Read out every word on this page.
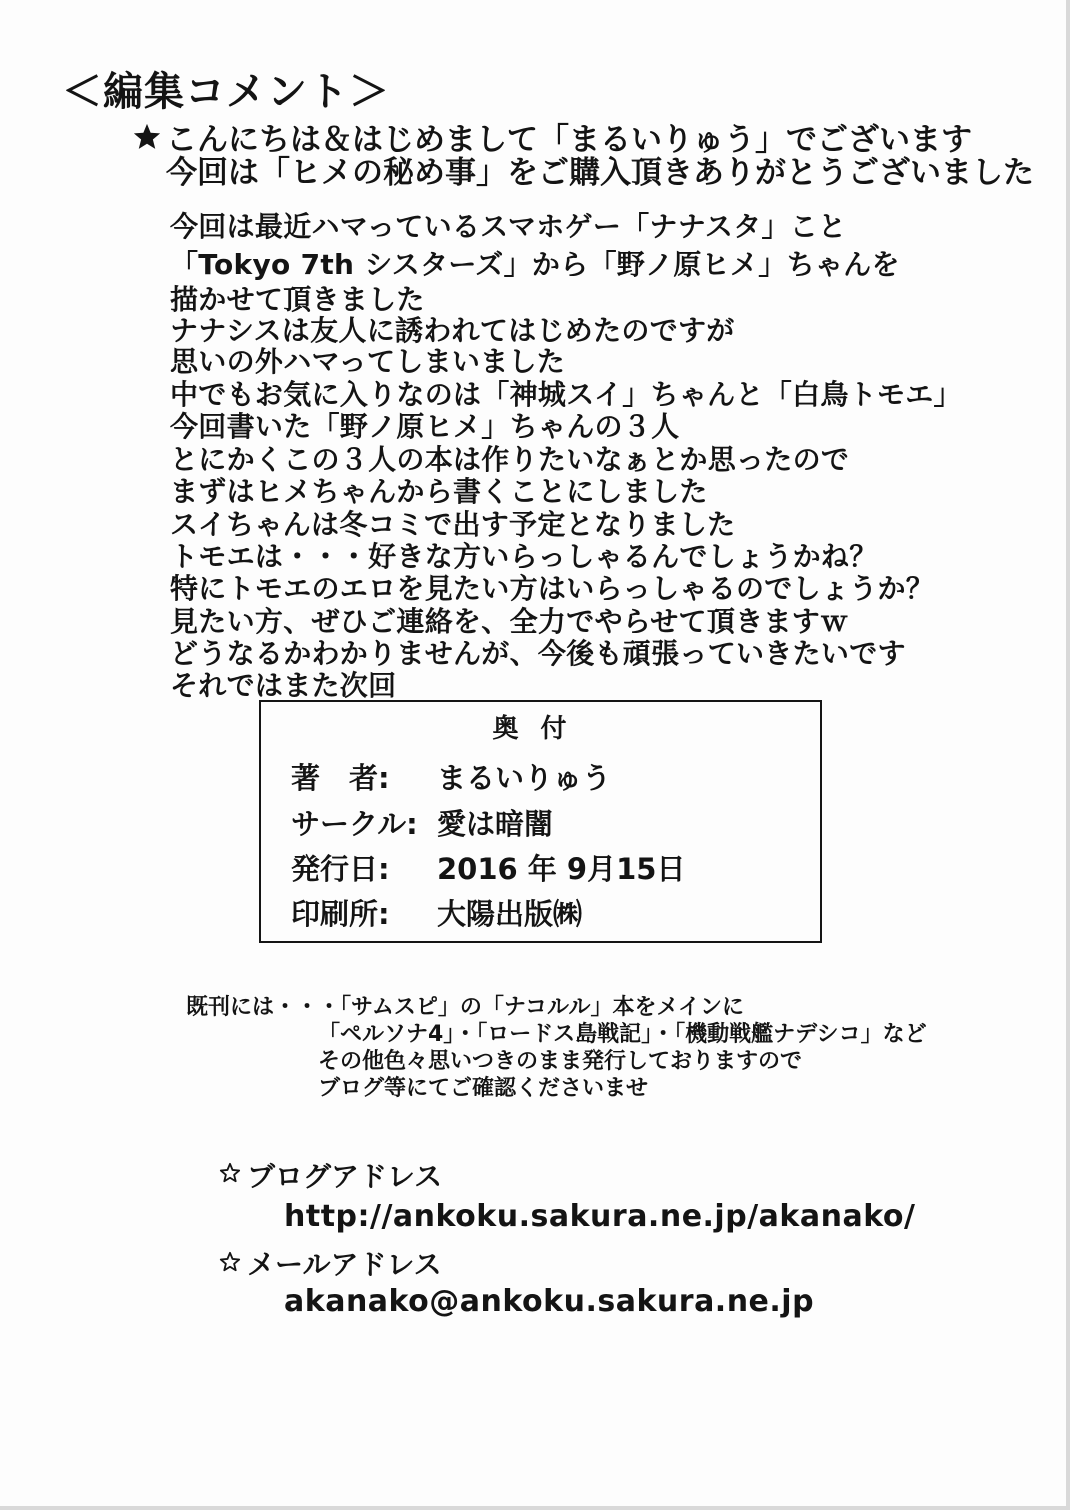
＜編集コメント＞
こんにちは＆はじめまして「まるいりゅう」でございます
今回は「ヒメの秘め事」をご購入頂きありがとうございました
今回は最近ハマっているスマホゲー「ナナスタ」こと
「Tokyo 7th シスターズ」から「野ノ原ヒメ」ちゃんを
描かせて頂きました
ナナシスは友人に誘われてはじめたのですが
思いの外ハマってしまいました
中でもお気に入りなのは「神城スイ」ちゃんと「白鳥トモエ」
今回書いた「野ノ原ヒメ」ちゃんの３人
とにかくこの３人の本は作りたいなぁとか思ったので
まずはヒメちゃんから書くことにしました
スイちゃんは冬コミで出す予定となりました
トモエは・・・好きな方いらっしゃるんでしょうかね？
特にトモエのエロを見たい方はいらっしゃるのでしょうか？
見たい方、ぜひご連絡を、全力でやらせて頂きますｗ
どうなるかわかりませんが、今後も頑張っていきたいです
それではまた次回
奥付
著　者: まるいりゅう
サークル: 愛は暗闇
発行日: 2016 年 9月15日
印刷所: 大陽出版㈱
既刊には・・・「サムスピ」の「ナコルル」本をメインに
「ペルソナ4」・「ロードス島戦記」・「機動戦艦ナデシコ」など
その他色々思いつきのまま発行しておりますので
ブログ等にてご確認くださいませ
ブログアドレス
http://ankoku.sakura.ne.jp/akanako/
メールアドレス
akanako@ankoku.sakura.ne.jp
